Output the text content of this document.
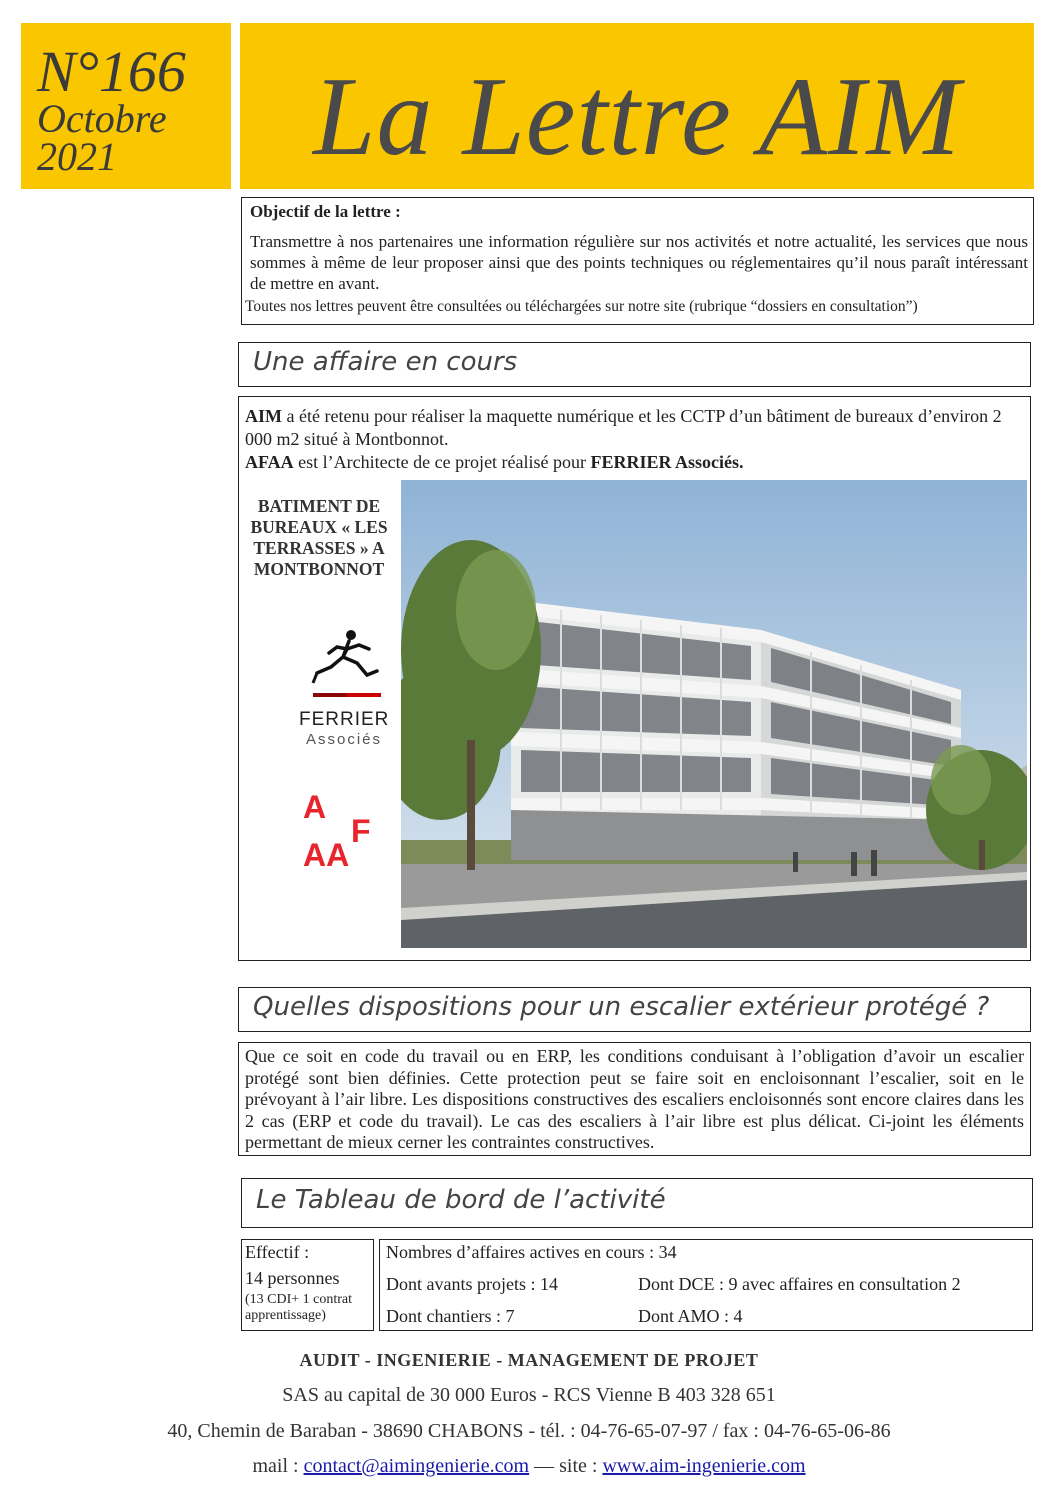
N°166
Octobre
2021	La Lettre AIM
Objectif de la lettre :
Transmettre à nos partenaires une information régulière sur nos activités et notre actualité, les services que nous sommes à même de leur proposer ainsi que des points techniques ou réglementaires qu’il nous paraît intéressant de mettre en avant.
Toutes nos lettres peuvent être consultées ou téléchargées sur notre site (rubrique “dossiers en consultation”)
Une affaire en cours
AIM a été retenu pour réaliser la maquette numérique et les CCTP d’un bâtiment de bureaux d’environ 2 000 m2 situé à Montbonnot.
AFAA est l’Architecte de ce projet réalisé pour FERRIER Associés.
BATIMENT DE BUREAUX « LES TERRASSES » A MONTBONNOT
FERRIER
Associés
A
F
AA
Quelles dispositions pour un escalier extérieur protégé ?
Que ce soit en code du travail ou en ERP, les conditions conduisant à l’obligation d’avoir un escalier protégé sont bien définies. Cette protection peut se faire soit en encloisonnant l’escalier, soit en le prévoyant à l’air libre. Les dispositions constructives des escaliers encloisonnés sont encore claires dans les 2 cas (ERP et code du travail). Le cas des escaliers à l’air libre est plus délicat. Ci-joint les éléments permettant de mieux cerner les contraintes constructives.
Le Tableau de bord de l’activité
Effectif :
14 personnes
(13 CDI+ 1 contrat apprentissage)
Nombres d’affaires actives en cours : 34
Dont avants projets : 14	Dont DCE : 9 avec affaires en consultation 2
Dont chantiers : 7	Dont AMO : 4
AUDIT - INGENIERIE - MANAGEMENT DE PROJET
SAS au capital de 30 000 Euros - RCS Vienne B 403 328 651
40, Chemin de Baraban - 38690 CHABONS - tél. : 04-76-65-07-97 / fax : 04-76-65-06-86
mail : contact@aimingenierie.com — site : www.aim-ingenierie.com
